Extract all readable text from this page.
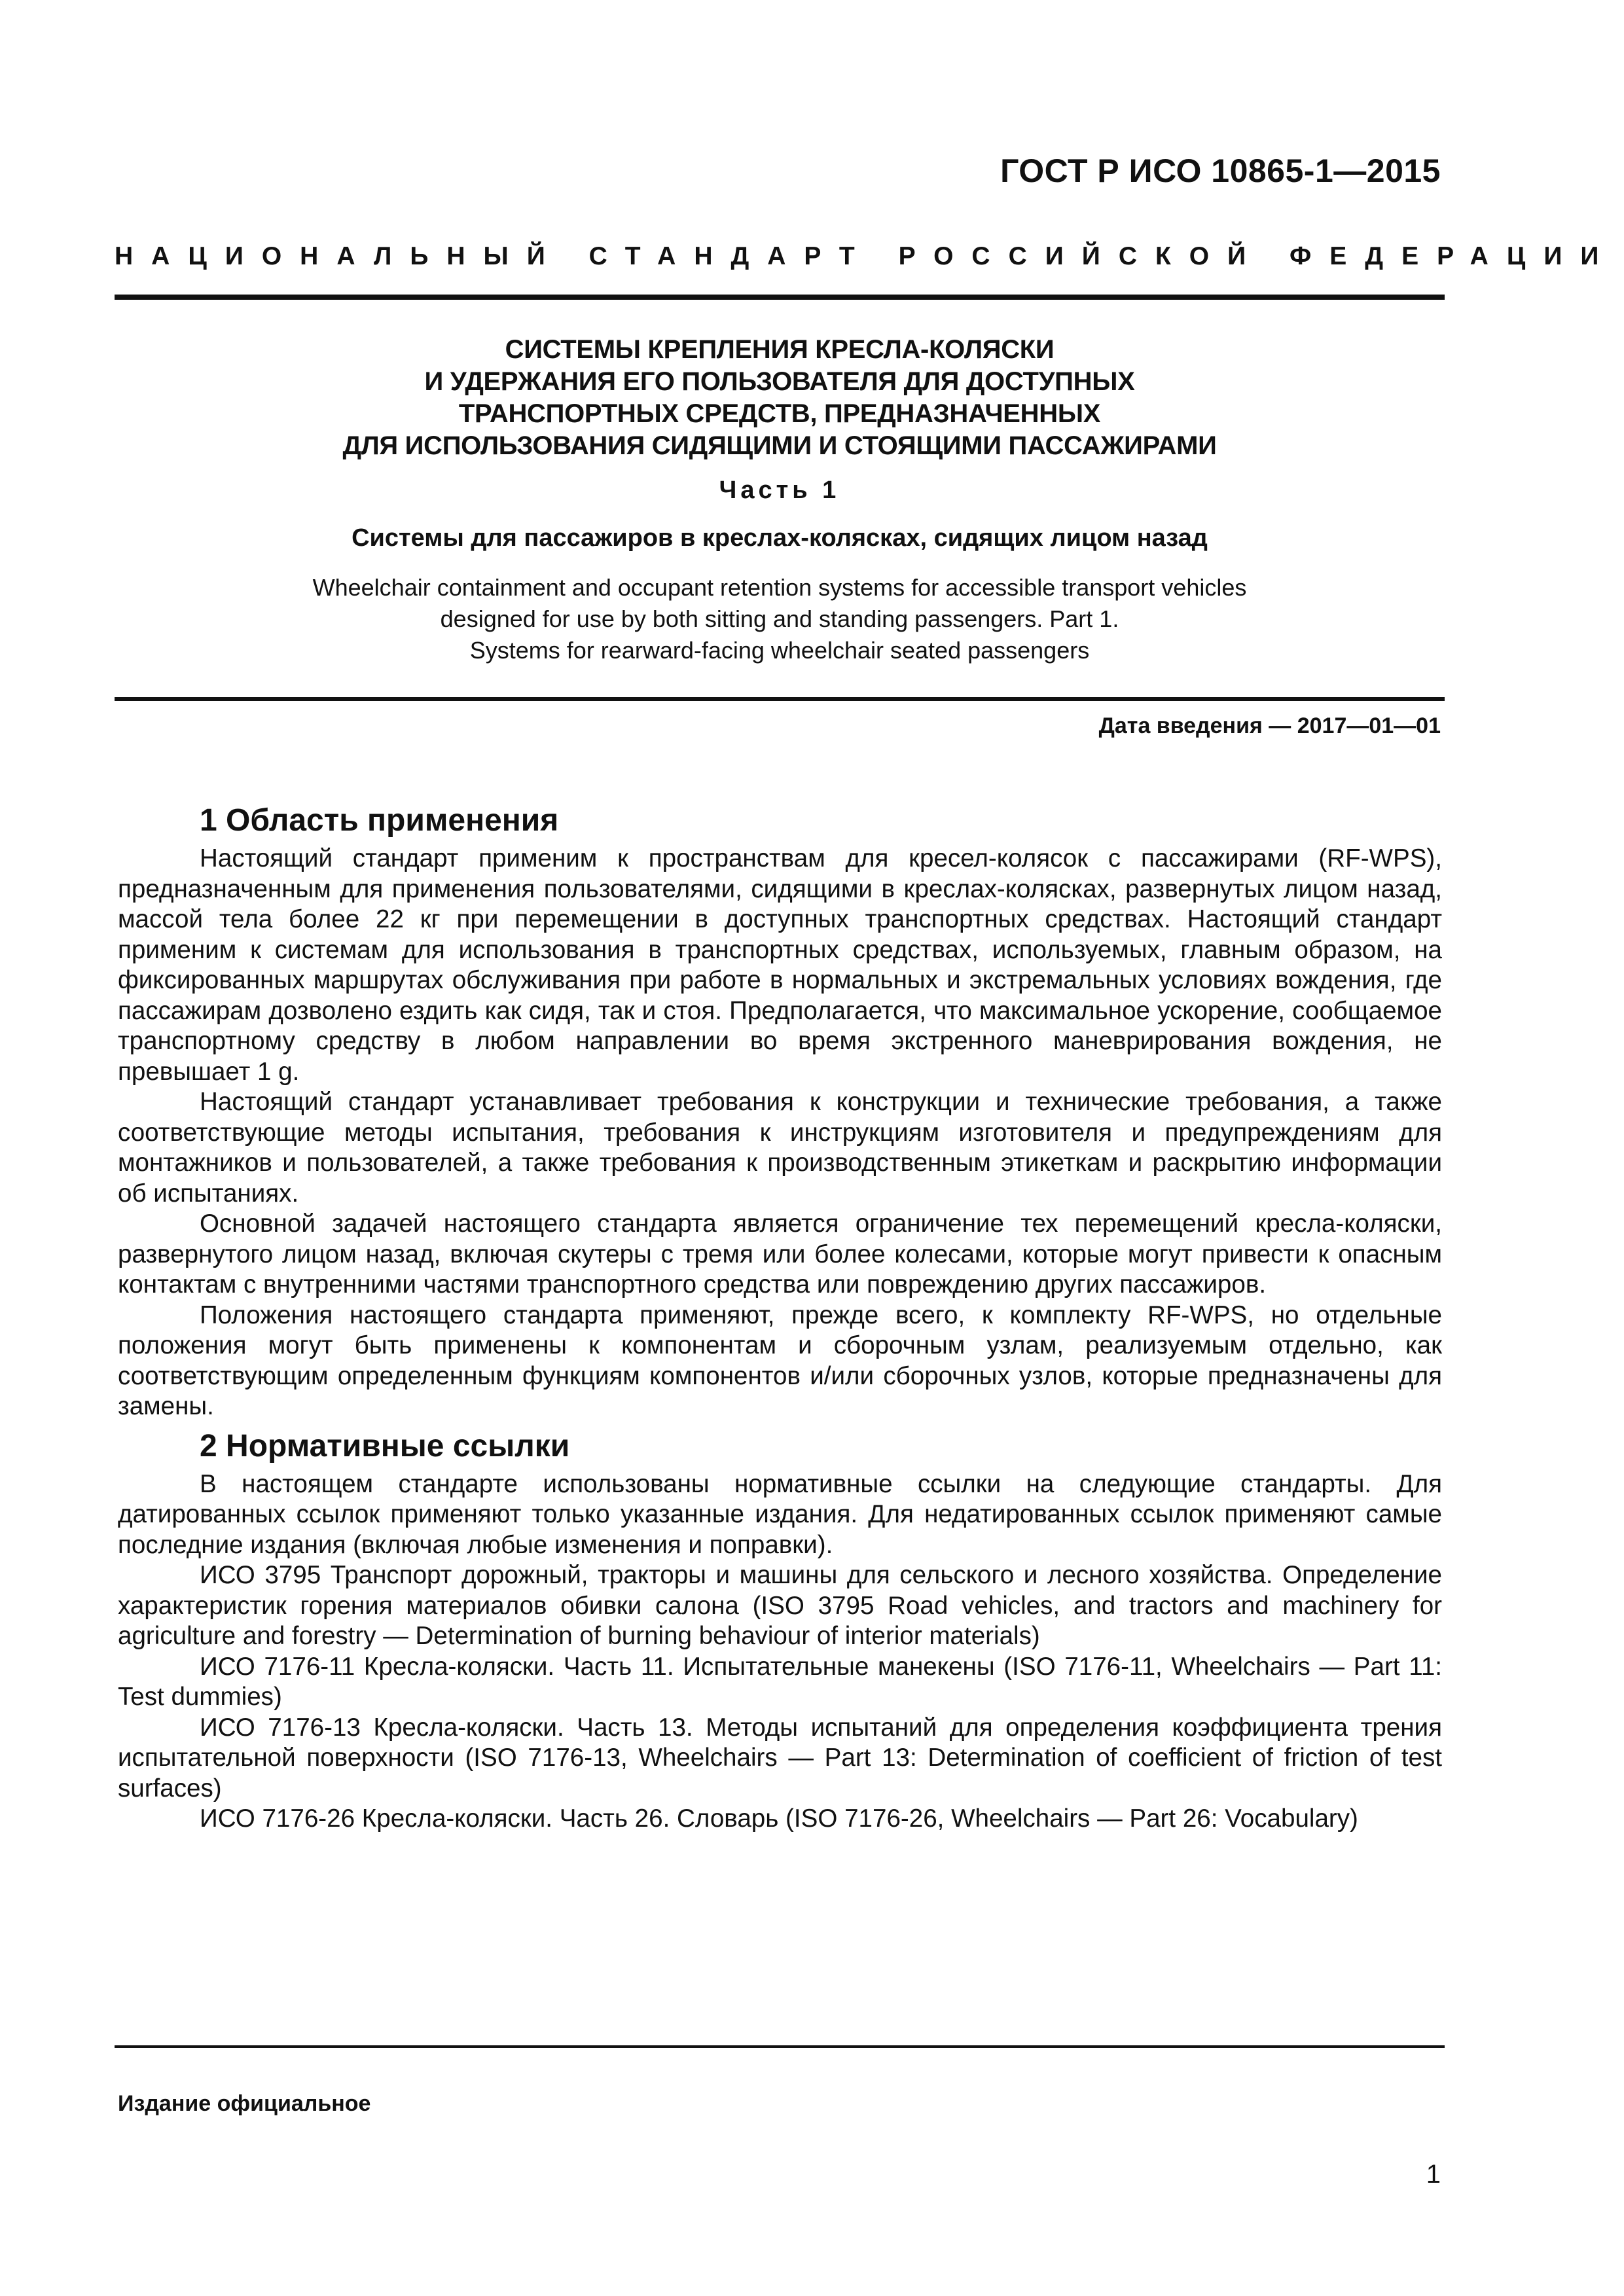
ГОСТ Р ИСО 10865-1—2015
НАЦИОНАЛЬНЫЙ СТАНДАРТ РОССИЙСКОЙ ФЕДЕРАЦИИ
СИСТЕМЫ КРЕПЛЕНИЯ КРЕСЛА-КОЛЯСКИ
И УДЕРЖАНИЯ ЕГО ПОЛЬЗОВАТЕЛЯ ДЛЯ ДОСТУПНЫХ
ТРАНСПОРТНЫХ СРЕДСТВ, ПРЕДНАЗНАЧЕННЫХ
ДЛЯ ИСПОЛЬЗОВАНИЯ СИДЯЩИМИ И СТОЯЩИМИ ПАССАЖИРАМИ
Часть 1
Системы для пассажиров в креслах-колясках, сидящих лицом назад
Wheelchair containment and occupant retention systems for accessible transport vehicles
designed for use by both sitting and standing passengers. Part 1.
Systems for rearward-facing wheelchair seated passengers
Дата введения — 2017—01—01
1 Область применения

Настоящий стандарт применим к пространствам для кресел-колясок с пассажирами (RF-WPS), предназначенным для применения пользователями, сидящими в креслах-колясках, развернутых лицом назад, массой тела более 22 кг при перемещении в доступных транспортных средствах. Настоящий стандарт применим к системам для использования в транспортных средствах, используемых, главным образом, на фиксированных маршрутах обслуживания при работе в нормальных и экстремальных условиях вождения, где пассажирам дозволено ездить как сидя, так и стоя. Предполагается, что максимальное ускорение, сообщаемое транспортному средству в любом направлении во время экстренного маневрирования вождения, не превышает 1 g.

Настоящий стандарт устанавливает требования к конструкции и технические требования, а также соответствующие методы испытания, требования к инструкциям изготовителя и предупреждениям для монтажников и пользователей, а также требования к производственным этикеткам и раскрытию информации об испытаниях.

Основной задачей настоящего стандарта является ограничение тех перемещений кресла-коляски, развернутого лицом назад, включая скутеры с тремя или более колесами, которые могут привести к опасным контактам с внутренними частями транспортного средства или повреждению других пассажиров.

Положения настоящего стандарта применяют, прежде всего, к комплекту RF-WPS, но отдельные положения могут быть применены к компонентам и сборочным узлам, реализуемым отдельно, как соответствующим определенным функциям компонентов и/или сборочных узлов, которые предназначены для замены.

2 Нормативные ссылки

В настоящем стандарте использованы нормативные ссылки на следующие стандарты. Для датированных ссылок применяют только указанные издания. Для недатированных ссылок применяют самые последние издания (включая любые изменения и поправки).

ИСО 3795 Транспорт дорожный, тракторы и машины для сельского и лесного хозяйства. Определение характеристик горения материалов обивки салона (ISO 3795 Road vehicles, and tractors and machinery for agriculture and forestry — Determination of burning behaviour of interior materials)

ИСО 7176-11 Кресла-коляски. Часть 11. Испытательные манекены (ISO 7176-11, Wheelchairs — Part 11: Test dummies)

ИСО 7176-13 Кресла-коляски. Часть 13. Методы испытаний для определения коэффициента трения испытательной поверхности (ISO 7176-13, Wheelchairs — Part 13: Determination of coefficient of friction of test surfaces)

ИСО 7176-26 Кресла-коляски. Часть 26. Словарь (ISO 7176-26, Wheelchairs — Part 26: Vocabulary)

Издание официальное
1
